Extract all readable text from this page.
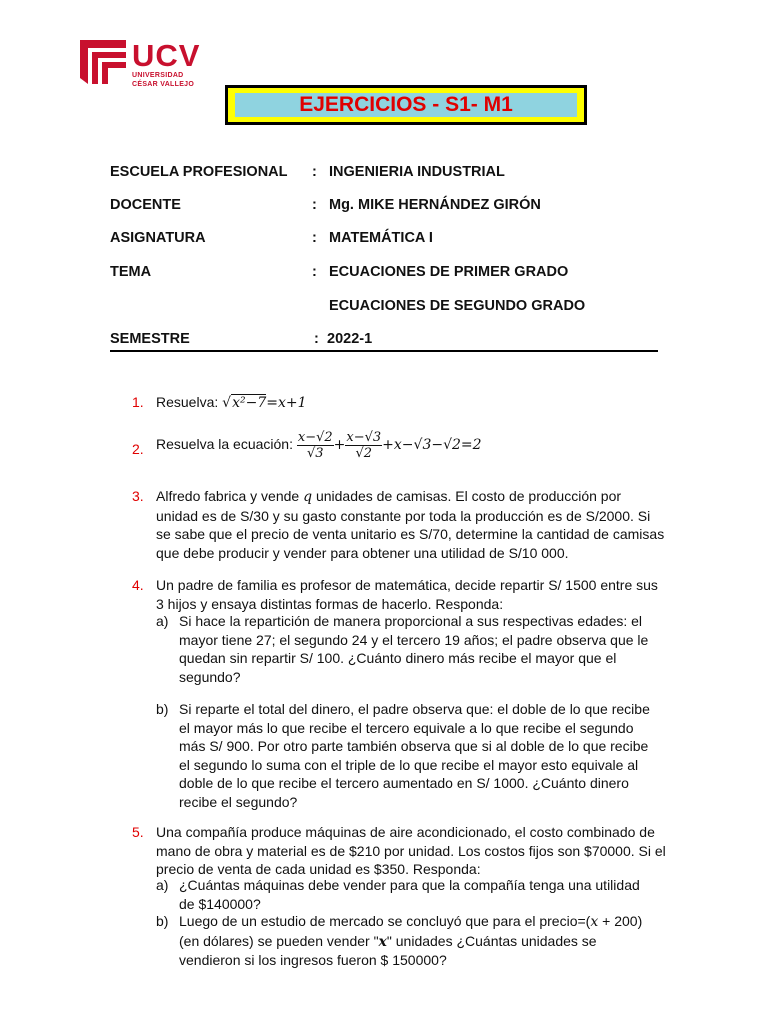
UCV
UNIVERSIDAD
CÉSAR VALLEJO
EJERCICIOS - S1- M1
ESCUELA PROFESIONAL : INGENIERIA INDUSTRIAL
DOCENTE	: Mg. MIKE HERNÁNDEZ GIRÓN
ASIGNATURA	: MATEMÁTICA I
TEMA	: ECUACIONES DE PRIMER GRADO
ECUACIONES DE SEGUNDO GRADO
SEMESTRE	: 2022-1
1. Resuelva: √x²−7=x+1
2. Resuelva la ecuación: $\frac{x-√2}{√3} + \frac{x-√3}{√2} +x-√3-√2=2$
3. Alfredo fabrica y vende q unidades de camisas. El costo de producción por unidad es de S/30 y su gasto constante por toda la producción es de S/2000. Si se sabe que el precio de venta unitario es S/70, determine la cantidad de camisas que debe producir y vender para obtener una utilidad de S/10 000.
4. Un padre de familia es profesor de matemática, decide repartir S/ 1500 entre sus 3 hijos y ensaya distintas formas de hacerlo. Responda:
a) Si hace la repartición de manera proporcional a sus respectivas edades: el mayor tiene 27; el segundo 24 y el tercero 19 años; el padre observa que le quedan sin repartir S/ 100. ¿Cuánto dinero más recibe el mayor que el segundo?
b) Si reparte el total del dinero, el padre observa que: el doble de lo que recibe el mayor más lo que recibe el tercero equivale a lo que recibe el segundo más S/ 900. Por otro parte también observa que si al doble de lo que recibe el segundo lo suma con el triple de lo que recibe el mayor esto equivale al doble de lo que recibe el tercero aumentado en S/ 1000. ¿Cuánto dinero recibe el segundo?
5. Una compañía produce máquinas de aire acondicionado, el costo combinado de mano de obra y material es de $210 por unidad. Los costos fijos son $70000. Si el precio de venta de cada unidad es $350. Responda:
a) ¿Cuántas máquinas debe vender para que la compañía tenga una utilidad de $140000?
b) Luego de un estudio de mercado se concluyó que para el precio=(x + 200) (en dólares) se pueden vender "x" unidades ¿Cuántas unidades se vendieron si los ingresos fueron $ 150000?
